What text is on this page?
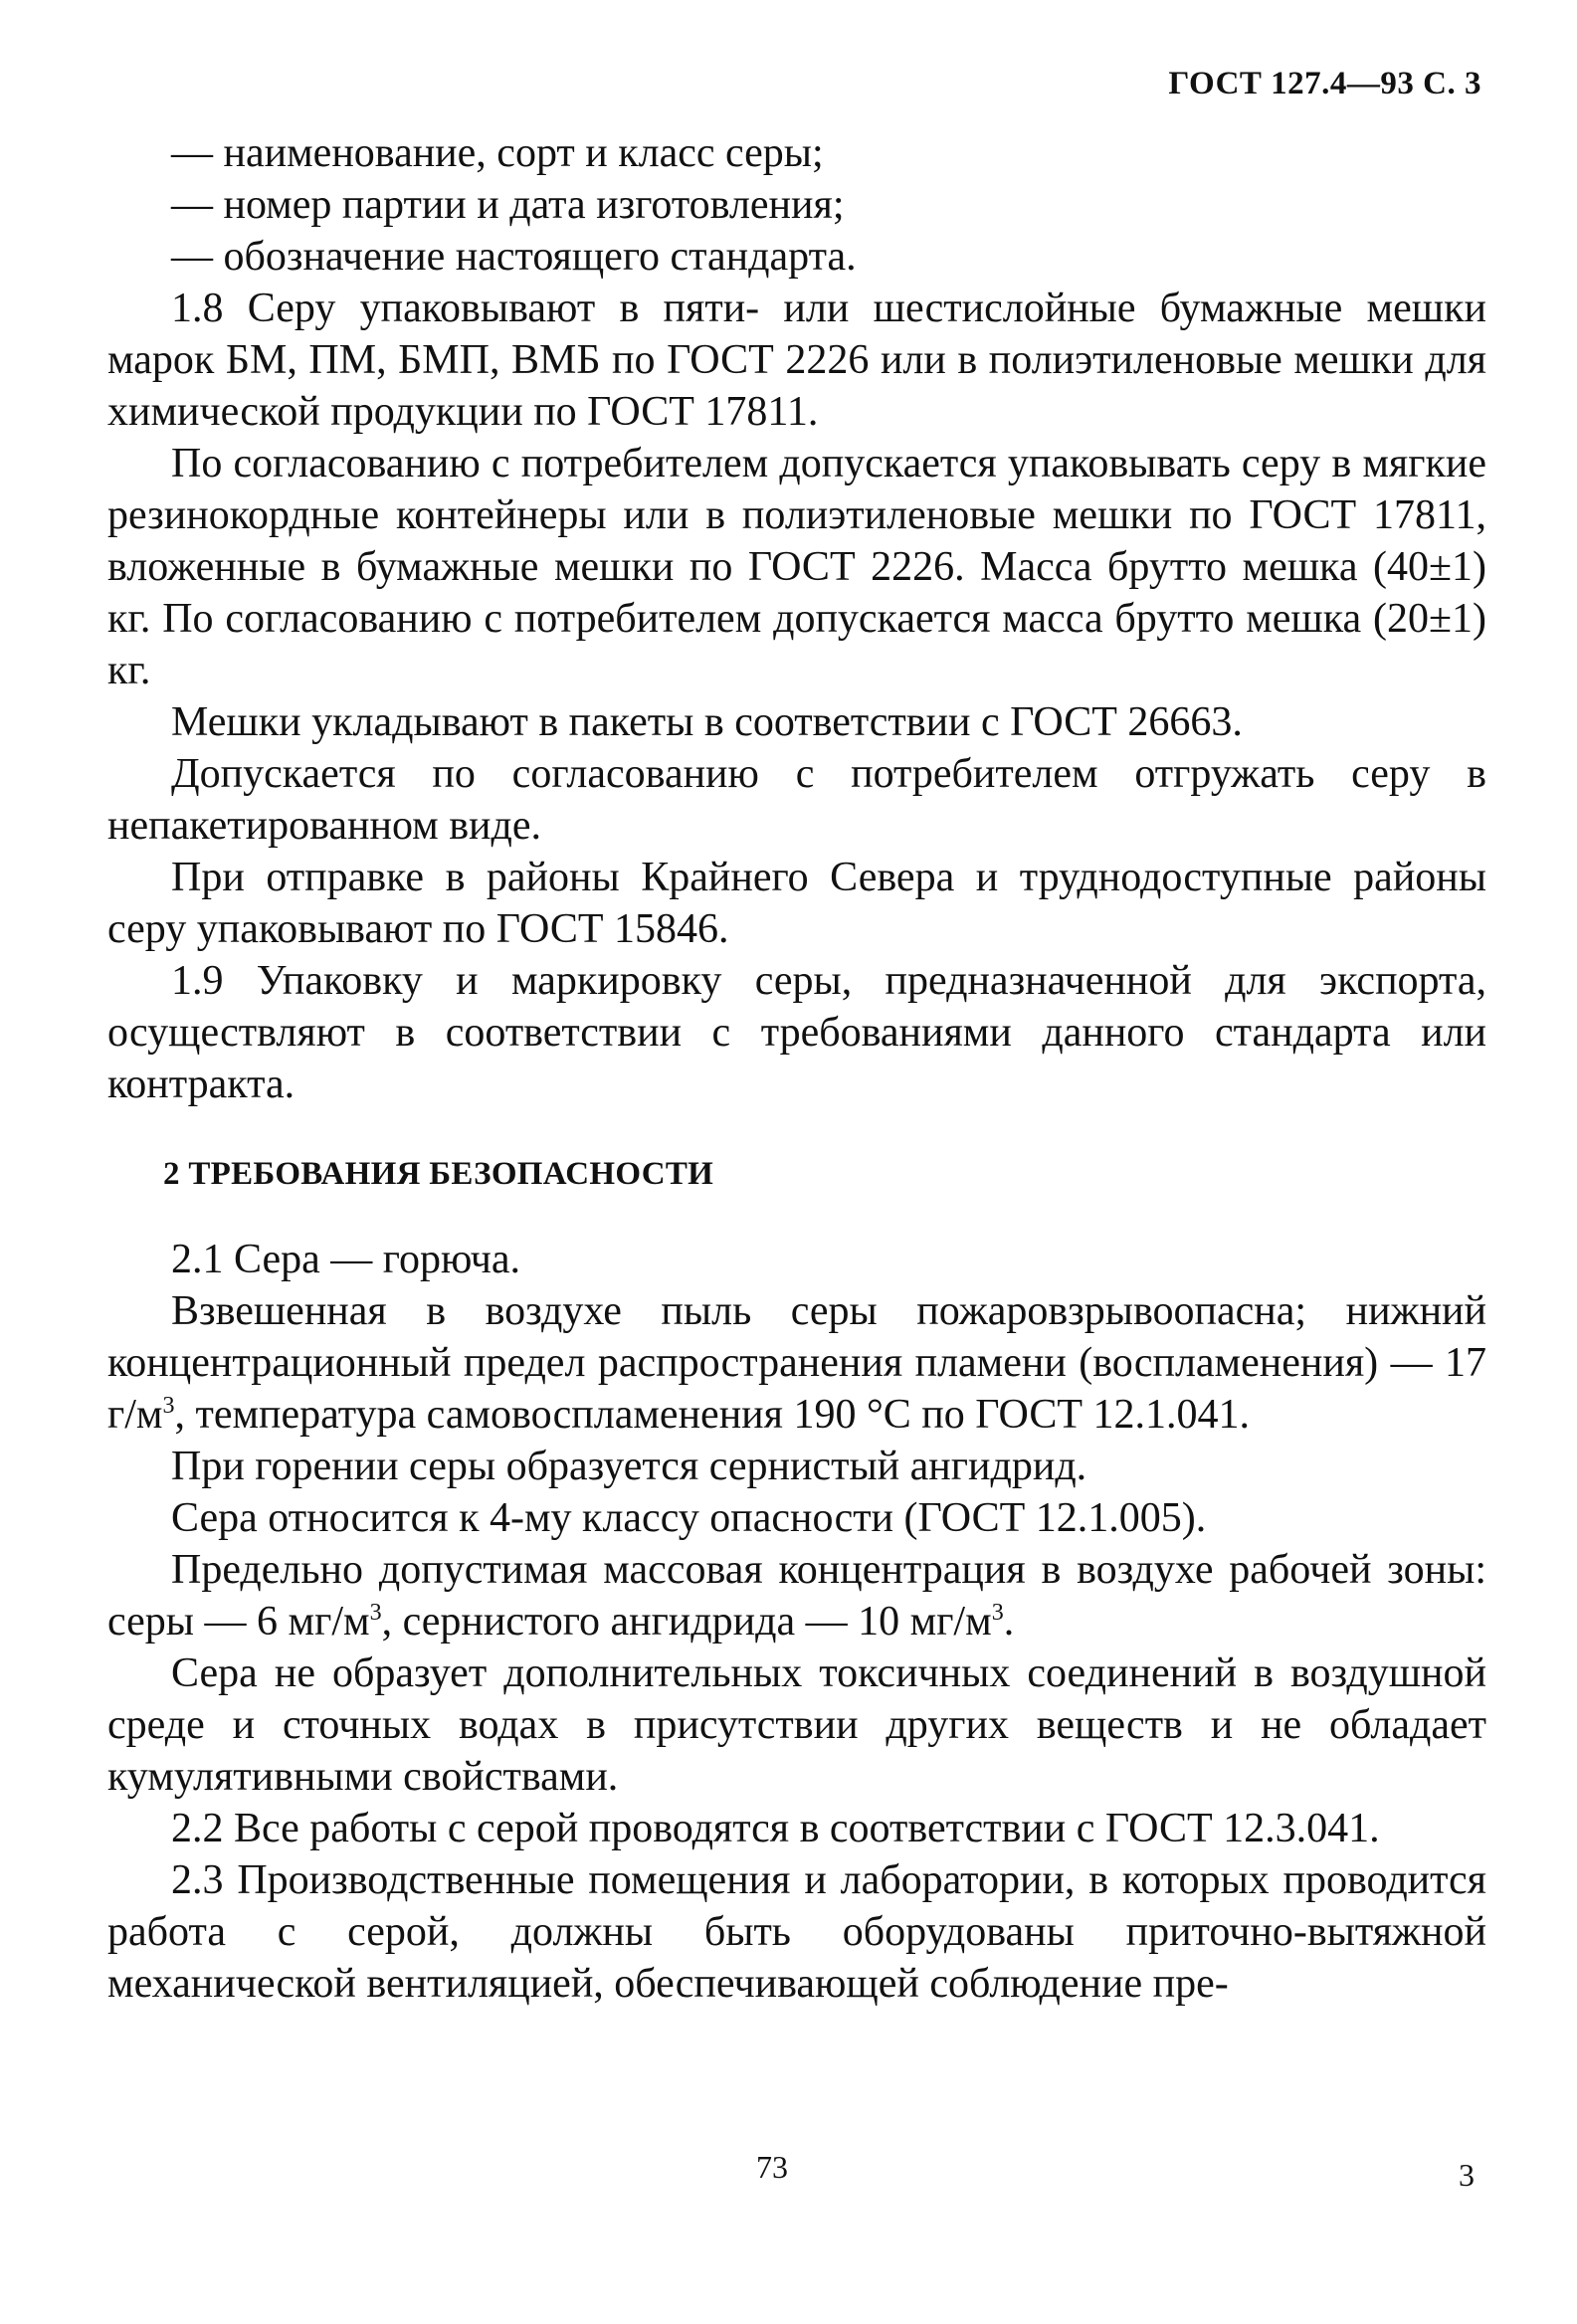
ГОСТ 127.4—93 С. 3

— наименование, сорт и класс серы;

— номер партии и дата изготовления;

— обозначение настоящего стандарта.

1.8 Серу упаковывают в пяти- или шестислойные бумажные мешки марок БМ, ПМ, БМП, ВМБ по ГОСТ 2226 или в полиэтиленовые мешки для химической продукции по ГОСТ 17811.

По согласованию с потребителем допускается упаковывать серу в мягкие резинокордные контейнеры или в полиэтиленовые мешки по ГОСТ 17811, вложенные в бумажные мешки по ГОСТ 2226. Масса брутто мешка (40±1) кг. По согласованию с потребителем допускается масса брутто мешка (20±1) кг.

Мешки укладывают в пакеты в соответствии с ГОСТ 26663.

Допускается по согласованию с потребителем отгружать серу в непакетированном виде.

При отправке в районы Крайнего Севера и труднодоступные районы серу упаковывают по ГОСТ 15846.

1.9 Упаковку и маркировку серы, предназначенной для экспорта, осуществляют в соответствии с требованиями данного стандарта или контракта.

2 ТРЕБОВАНИЯ БЕЗОПАСНОСТИ

2.1 Сера — горюча.

Взвешенная в воздухе пыль серы пожаровзрывоопасна; нижний концентрационный предел распространения пламени (воспламенения) — 17 $г/м^3$, температура самовоспламенения 190 °С по ГОСТ 12.1.041.

При горении серы образуется сернистый ангидрид.

Сера относится к 4-му классу опасности (ГОСТ 12.1.005).

Предельно допустимая массовая концентрация в воздухе рабочей зоны: серы — 6 $мг/м^3$, сернистого ангидрида — 10 $мг/м^3$.

Сера не образует дополнительных токсичных соединений в воздушной среде и сточных водах в присутствии других веществ и не обладает кумулятивными свойствами.

2.2 Все работы с серой проводятся в соответствии с ГОСТ 12.3.041.

2.3 Производственные помещения и лаборатории, в которых проводится работа с серой, должны быть оборудованы приточно-вытяжной механической вентиляцией, обеспечивающей соблюдение пре-

73	3
